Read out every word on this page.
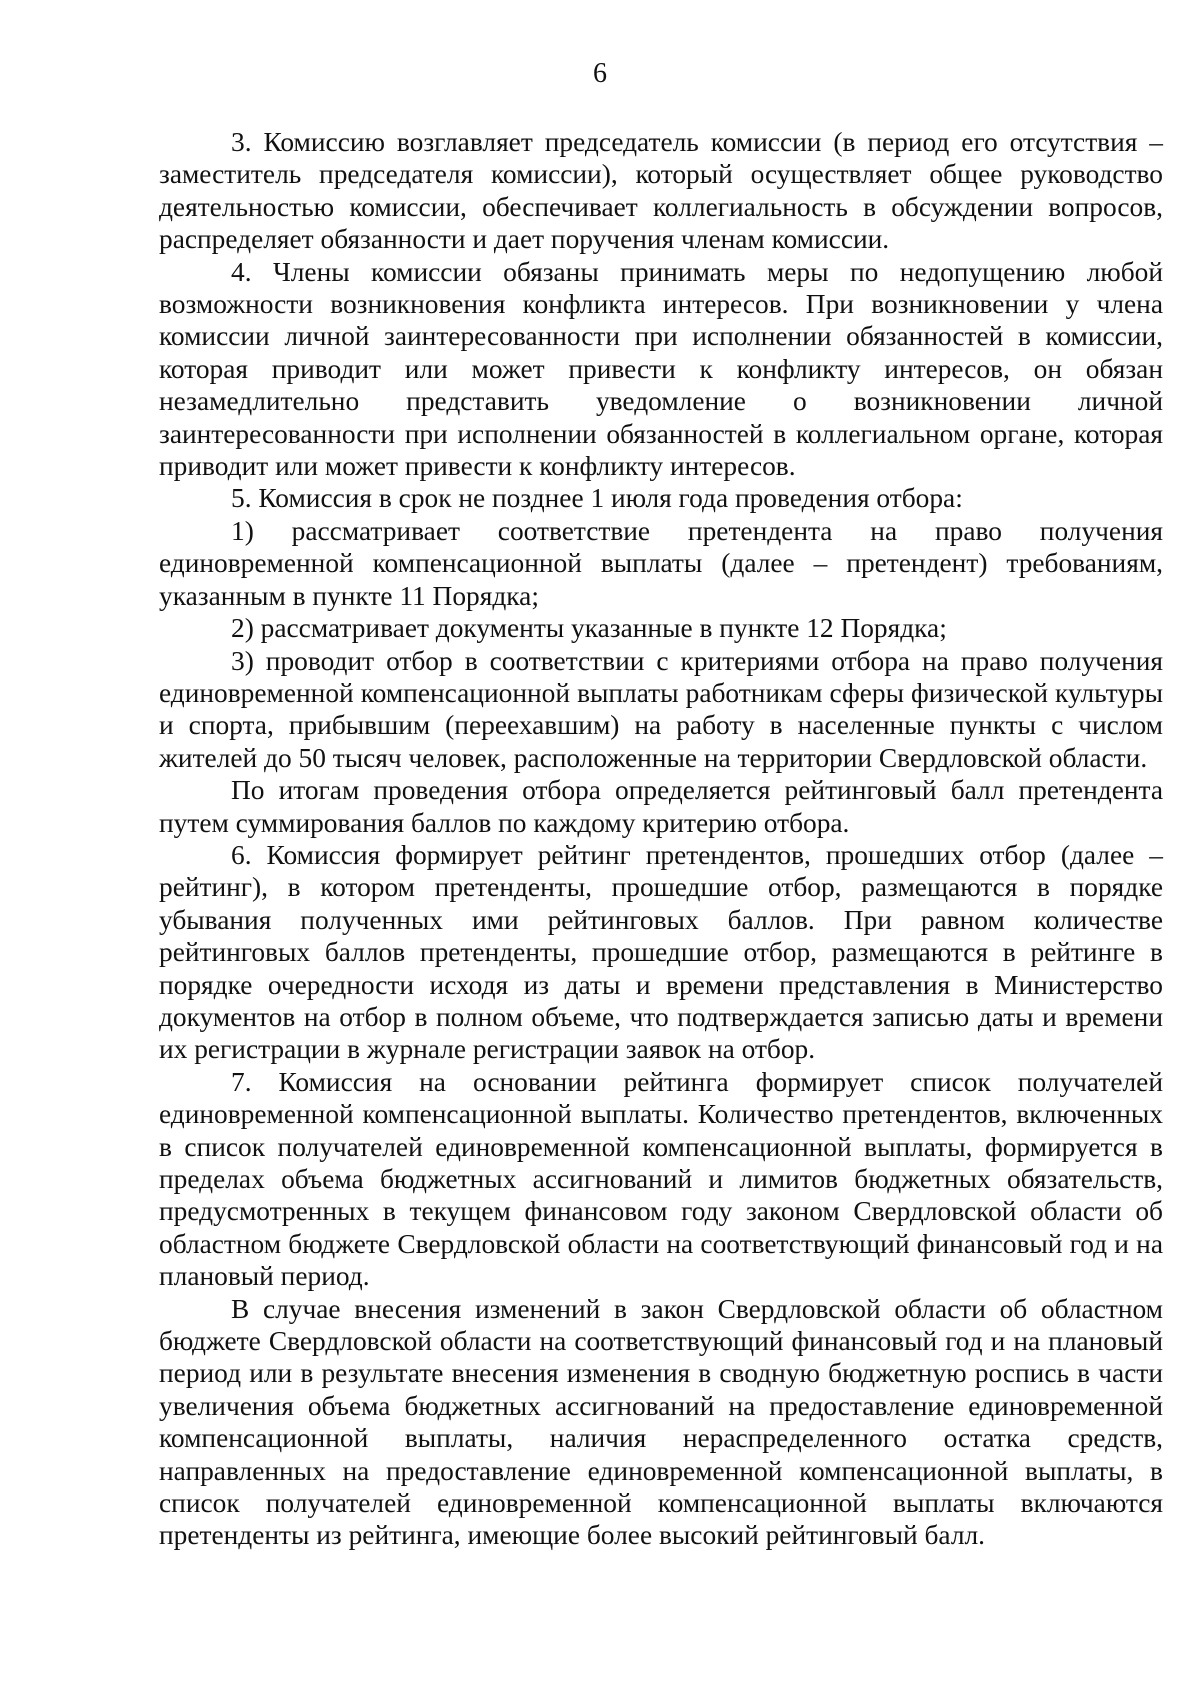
6

3. Комиссию возглавляет председатель комиссии (в период его отсутствия – заместитель председателя комиссии), который осуществляет общее руководство деятельностью комиссии, обеспечивает коллегиальность в обсуждении вопросов, распределяет обязанности и дает поручения членам комиссии.

4. Члены комиссии обязаны принимать меры по недопущению любой возможности возникновения конфликта интересов. При возникновении у члена комиссии личной заинтересованности при исполнении обязанностей в комиссии, которая приводит или может привести к конфликту интересов, он обязан незамедлительно представить уведомление о возникновении личной заинтересованности при исполнении обязанностей в коллегиальном органе, которая приводит или может привести к конфликту интересов.

5. Комиссия в срок не позднее 1 июля года проведения отбора:

1) рассматривает соответствие претендента на право получения единовременной компенсационной выплаты (далее – претендент) требованиям, указанным в пункте 11 Порядка;

2) рассматривает документы указанные в пункте 12 Порядка;

3) проводит отбор в соответствии с критериями отбора на право получения единовременной компенсационной выплаты работникам сферы физической культуры и спорта, прибывшим (переехавшим) на работу в населенные пункты с числом жителей до 50 тысяч человек, расположенные на территории Свердловской области.

По итогам проведения отбора определяется рейтинговый балл претендента путем суммирования баллов по каждому критерию отбора.

6. Комиссия формирует рейтинг претендентов, прошедших отбор (далее – рейтинг), в котором претенденты, прошедшие отбор, размещаются в порядке убывания полученных ими рейтинговых баллов. При равном количестве рейтинговых баллов претенденты, прошедшие отбор, размещаются в рейтинге в порядке очередности исходя из даты и времени представления в Министерство документов на отбор в полном объеме, что подтверждается записью даты и времени их регистрации в журнале регистрации заявок на отбор.

7. Комиссия на основании рейтинга формирует список получателей единовременной компенсационной выплаты. Количество претендентов, включенных в список получателей единовременной компенсационной выплаты, формируется в пределах объема бюджетных ассигнований и лимитов бюджетных обязательств, предусмотренных в текущем финансовом году законом Свердловской области об областном бюджете Свердловской области на соответствующий финансовый год и на плановый период.

В случае внесения изменений в закон Свердловской области об областном бюджете Свердловской области на соответствующий финансовый год и на плановый период или в результате внесения изменения в сводную бюджетную роспись в части увеличения объема бюджетных ассигнований на предоставление единовременной компенсационной выплаты, наличия нераспределенного остатка средств, направленных на предоставление единовременной компенсационной выплаты, в список получателей единовременной компенсационной выплаты включаются претенденты из рейтинга, имеющие более высокий рейтинговый балл.
